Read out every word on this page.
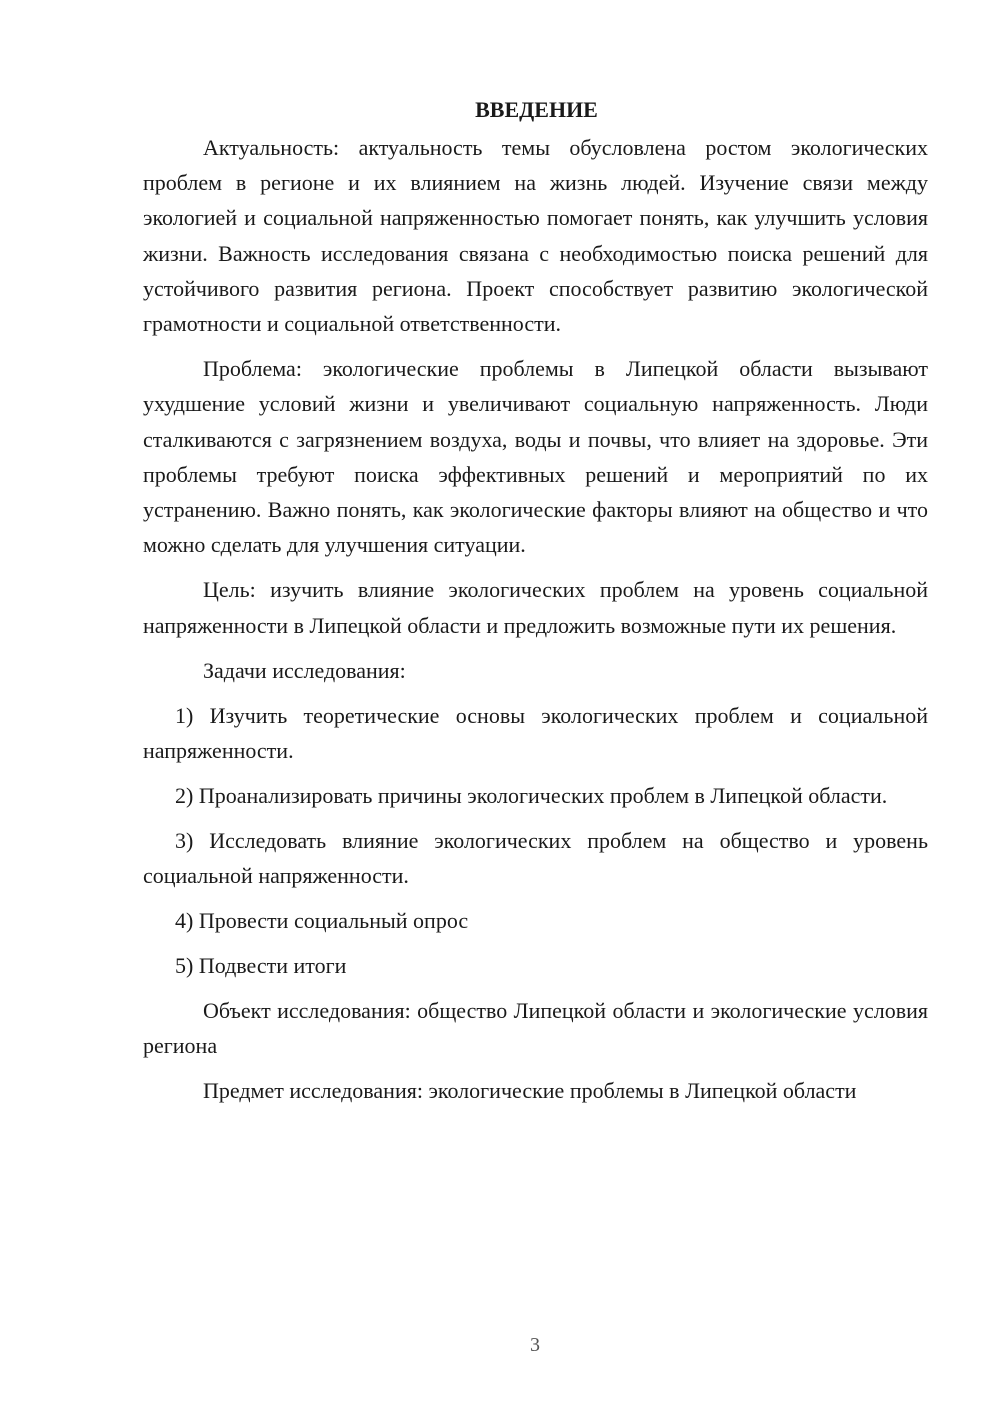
ВВЕДЕНИЕ

Актуальность: актуальность темы обусловлена ростом экологических проблем в регионе и их влиянием на жизнь людей. Изучение связи между экологией и социальной напряженностью помогает понять, как улучшить условия жизни. Важность исследования связана с необходимостью поиска решений для устойчивого развития региона. Проект способствует развитию экологической грамотности и социальной ответственности.

Проблема: экологические проблемы в Липецкой области вызывают ухудшение условий жизни и увеличивают социальную напряженность. Люди сталкиваются с загрязнением воздуха, воды и почвы, что влияет на здоровье. Эти проблемы требуют поиска эффективных решений и мероприятий по их устранению. Важно понять, как экологические факторы влияют на общество и что можно сделать для улучшения ситуации.

Цель: изучить влияние экологических проблем на уровень социальной напряженности в Липецкой области и предложить возможные пути их решения.

Задачи исследования:

1) Изучить теоретические основы экологических проблем и социальной напряженности.

2) Проанализировать причины экологических проблем в Липецкой области.

3) Исследовать влияние экологических проблем на общество и уровень социальной напряженности.

4) Провести социальный опрос

5) Подвести итоги

Объект исследования: общество Липецкой области и экологические условия региона

Предмет исследования: экологические проблемы в Липецкой области

3
